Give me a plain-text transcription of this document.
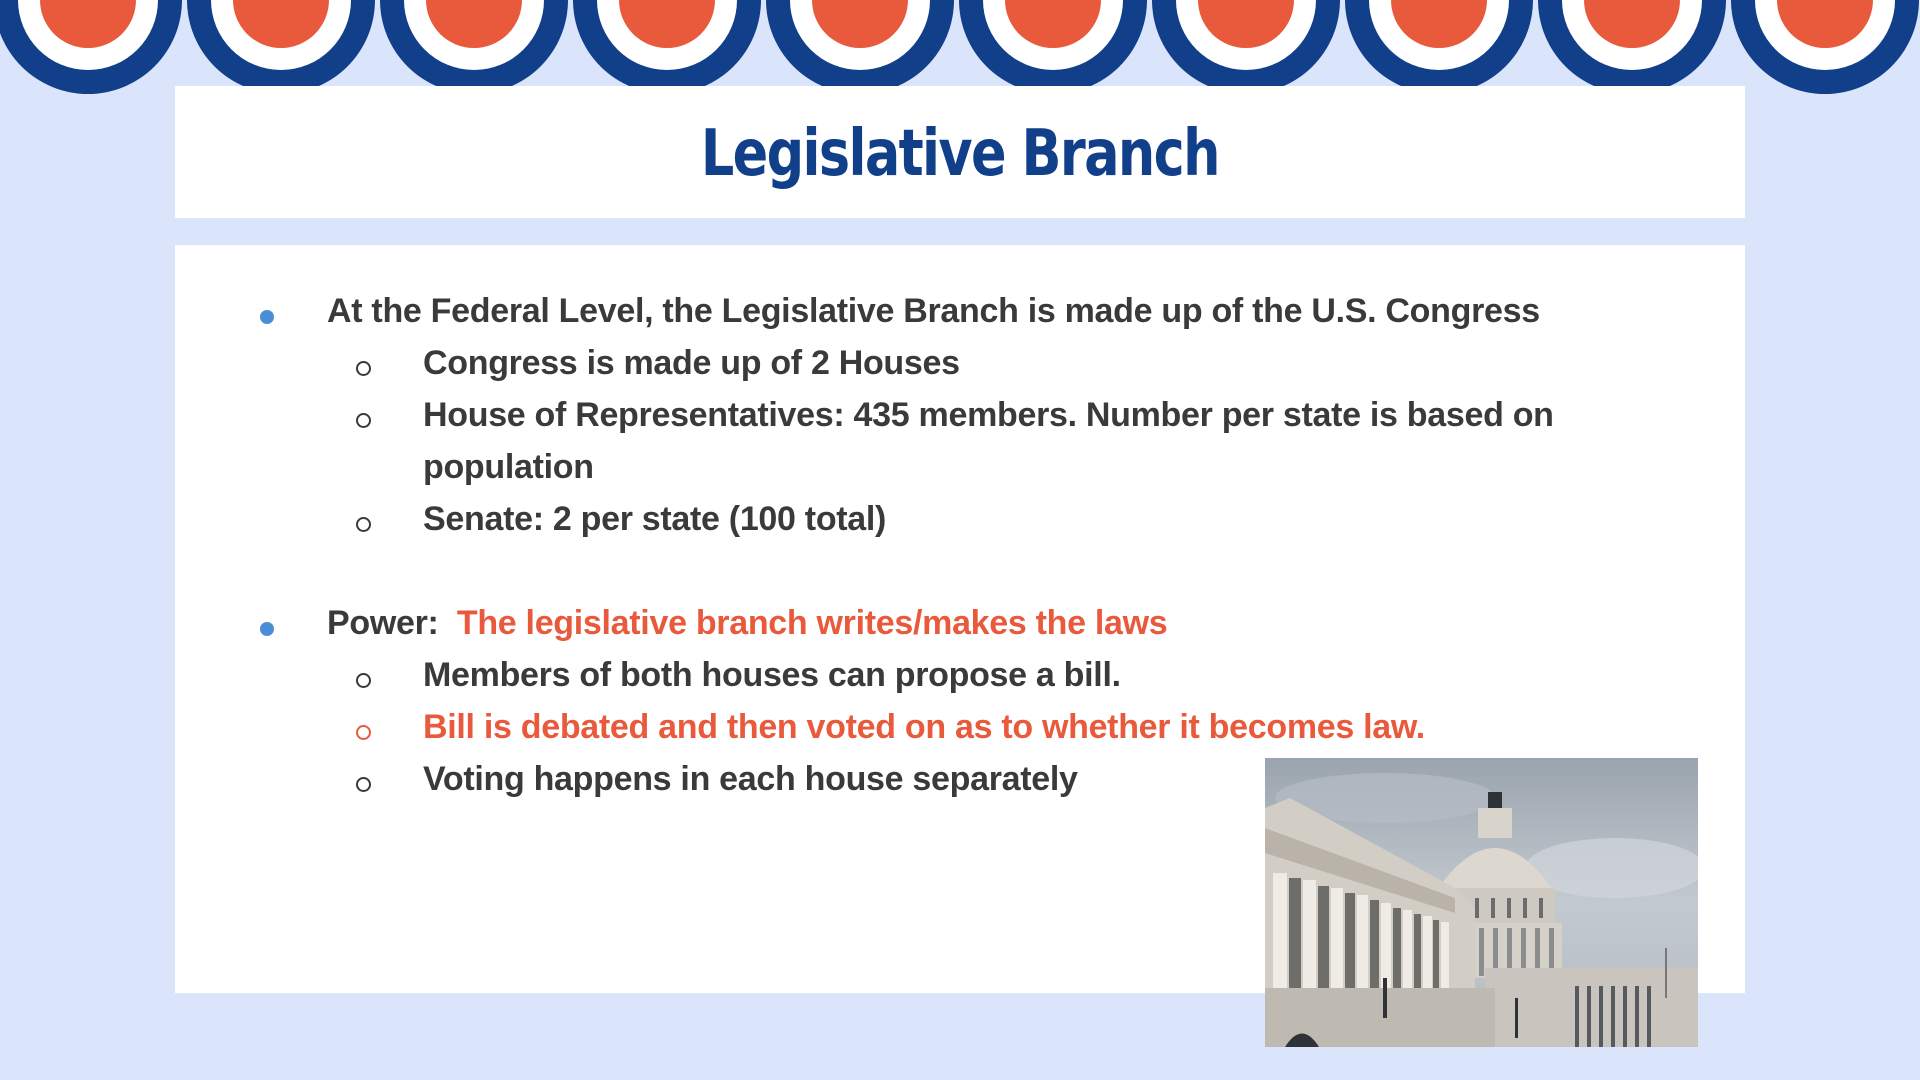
Legislative Branch
At the Federal Level, the Legislative Branch is made up of the U.S. Congress
Congress is made up of 2 Houses
House of Representatives: 435 members. Number per state is based on
population
Senate: 2 per state (100 total)
Power: The legislative branch writes/makes the laws
Members of both houses can propose a bill.
Bill is debated and then voted on as to whether it becomes law.
Voting happens in each house separately
